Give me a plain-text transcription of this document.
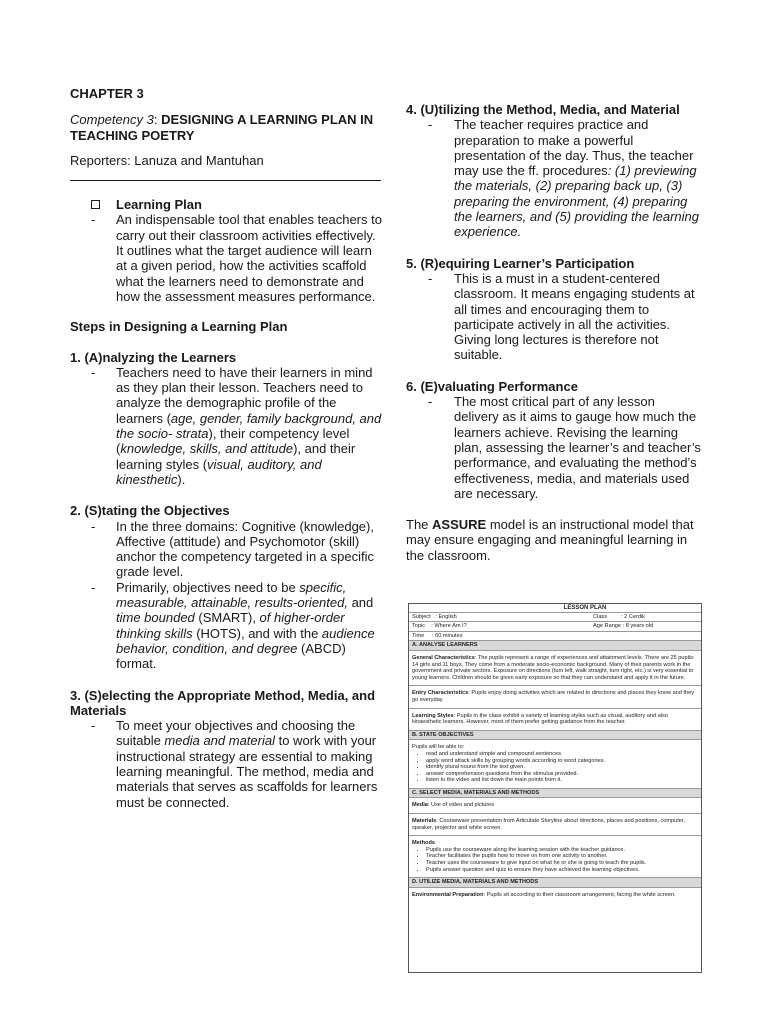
CHAPTER 3
Competency 3: DESIGNING A LEARNING PLAN IN TEACHING POETRY
Reporters: Lanuza and Mantuhan
Learning Plan
-	An indispensable tool that enables teachers to carry out their classroom activities effectively. It outlines what the target audience will learn at a given period, how the activities scaffold what the learners need to demonstrate and how the assessment measures performance.
Steps in Designing a Learning Plan
1. (A)nalyzing the Learners
-	Teachers need to have their learners in mind as they plan their lesson. Teachers need to analyze the demographic profile of the learners (age, gender, family background, and the socio- strata), their competency level (knowledge, skills, and attitude), and their learning styles (visual, auditory, and kinesthetic).
2. (S)tating the Objectives
-	In the three domains: Cognitive (knowledge), Affective (attitude) and Psychomotor (skill) anchor the competency targeted in a specific grade level.
-	Primarily, objectives need to be specific, measurable, attainable, results-oriented, and time bounded (SMART), of higher-order thinking skills (HOTS), and with the audience behavior, condition, and degree (ABCD) format.
3. (S)electing the Appropriate Method, Media, and Materials
-	To meet your objectives and choosing the suitable media and material to work with your instructional strategy are essential to making learning meaningful. The method, media and materials that serves as scaffolds for learners must be connected.
4. (U)tilizing the Method, Media, and Material
-	The teacher requires practice and preparation to make a powerful presentation of the day. Thus, the teacher may use the ff. procedures: (1) previewing the materials, (2) preparing back up, (3) preparing the environment, (4) preparing the learners, and (5) providing the learning experience.
5. (R)equiring Learner’s Participation
-	This is a must in a student-centered classroom. It means engaging students at all times and encouraging them to participate actively in all the activities. Giving long lectures is therefore not suitable.
6. (E)valuating Performance
-	The most critical part of any lesson delivery as it aims to gauge how much the learners achieve. Revising the learning plan, assessing the learner’s and teacher’s performance, and evaluating the method’s effectiveness, media, and materials used are necessary.
The ASSURE model is an instructional model that may ensure engaging and meaningful learning in the classroom.
LESSON PLAN
Subject : English	Class	: 2 Cerdik
Topic : Where Am I?	Age Range : 8 years old
Time : 60 minutes
A. ANALYSE LEARNERS
General Characteristics: The pupils represent a range of experiences and attainment levels. There are 25 pupils: 14 girls and 11 boys. They come from a moderate socio-economic background. Many of their parents work in the government and private sectors. Exposure on directions (turn left, walk straight, turn right, etc.) is very essential to young learners. Children should be given early exposure so that they can understand and apply it in the future.
Entry Characteristics: Pupils enjoy doing activities which are related to directions and places they know and they go everyday.
Learning Styles: Pupils in the class exhibit a variety of learning styles such as visual, auditory and also kinaesthetic learners. However, most of them prefer getting guidance from the teacher.
B. STATE OBJECTIVES
Pupils will be able to:
• read and understand simple and compound sentences.
• apply word attack skills by grouping words according to word categories.
• identify plural nouns from the text given.
• answer comprehension questions from the stimulus provided.
• listen to the video and list down the main points from it.
C. SELECT MEDIA, MATERIALS AND METHODS
Media: Use of video and pictures
Materials: Courseware presentation from Articulate Storyline about directions, places and positions, computer, speaker, projector and white screen.
Methods
• Pupils use the courseware along the learning session with the teacher guidance.
• Teacher facilitates the pupils how to move on from one activity to another.
• Teacher uses the courseware to give input on what he or she is going to teach the pupils.
• Pupils answer question and quiz to ensure they have achieved the learning objectives.
D. UTILIZE MEDIA, MATERIALS AND METHODS
Environmental Preparation: Pupils sit according to their classroom arrangement, facing the white screen.
